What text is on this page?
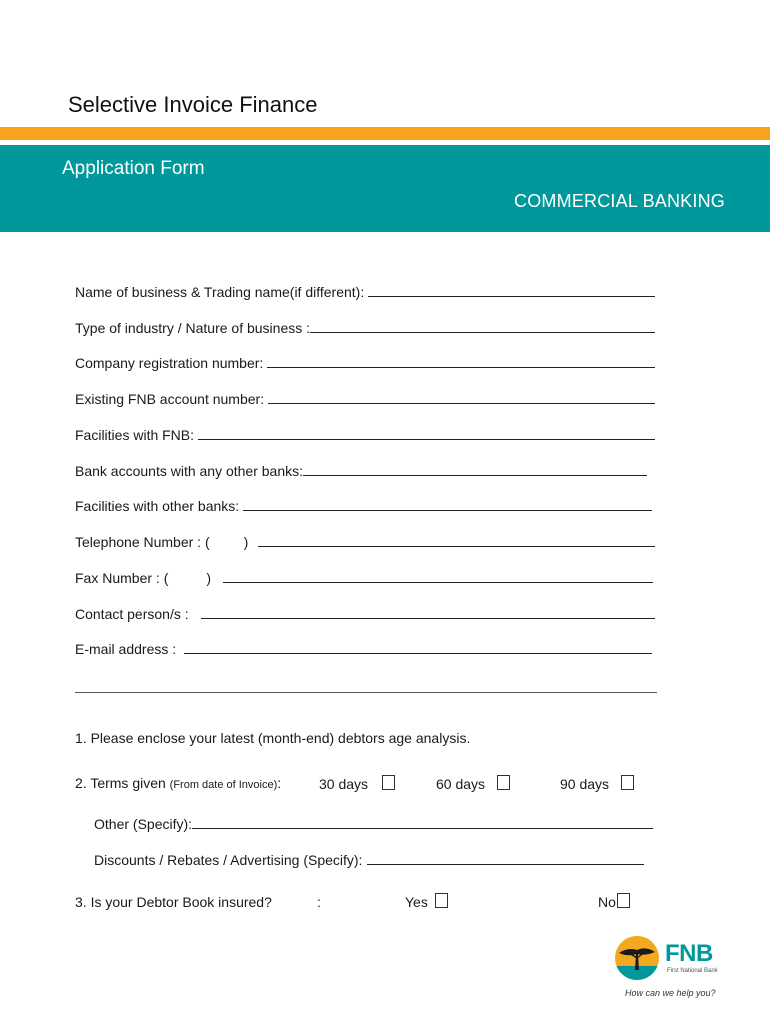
Selective Invoice Finance
Application Form
COMMERCIAL BANKING
Name of business & Trading name(if different):
Type of industry / Nature of business :
Company registration number:
Existing FNB account number:
Facilities with FNB:
Bank accounts with any other banks:
Facilities with other banks:
Telephone Number : ( )
Fax Number : (	)
Contact person/s :
E-mail address :
1. Please enclose your latest (month-end) debtors age analysis.
2. Terms given (From date of Invoice):	30 days	60 days	90 days
Other (Specify):
Discounts / Rebates / Advertising (Specify):
3. Is your Debtor Book insured?	:	Yes	No
FNB
First National Bank
How can we help you?
